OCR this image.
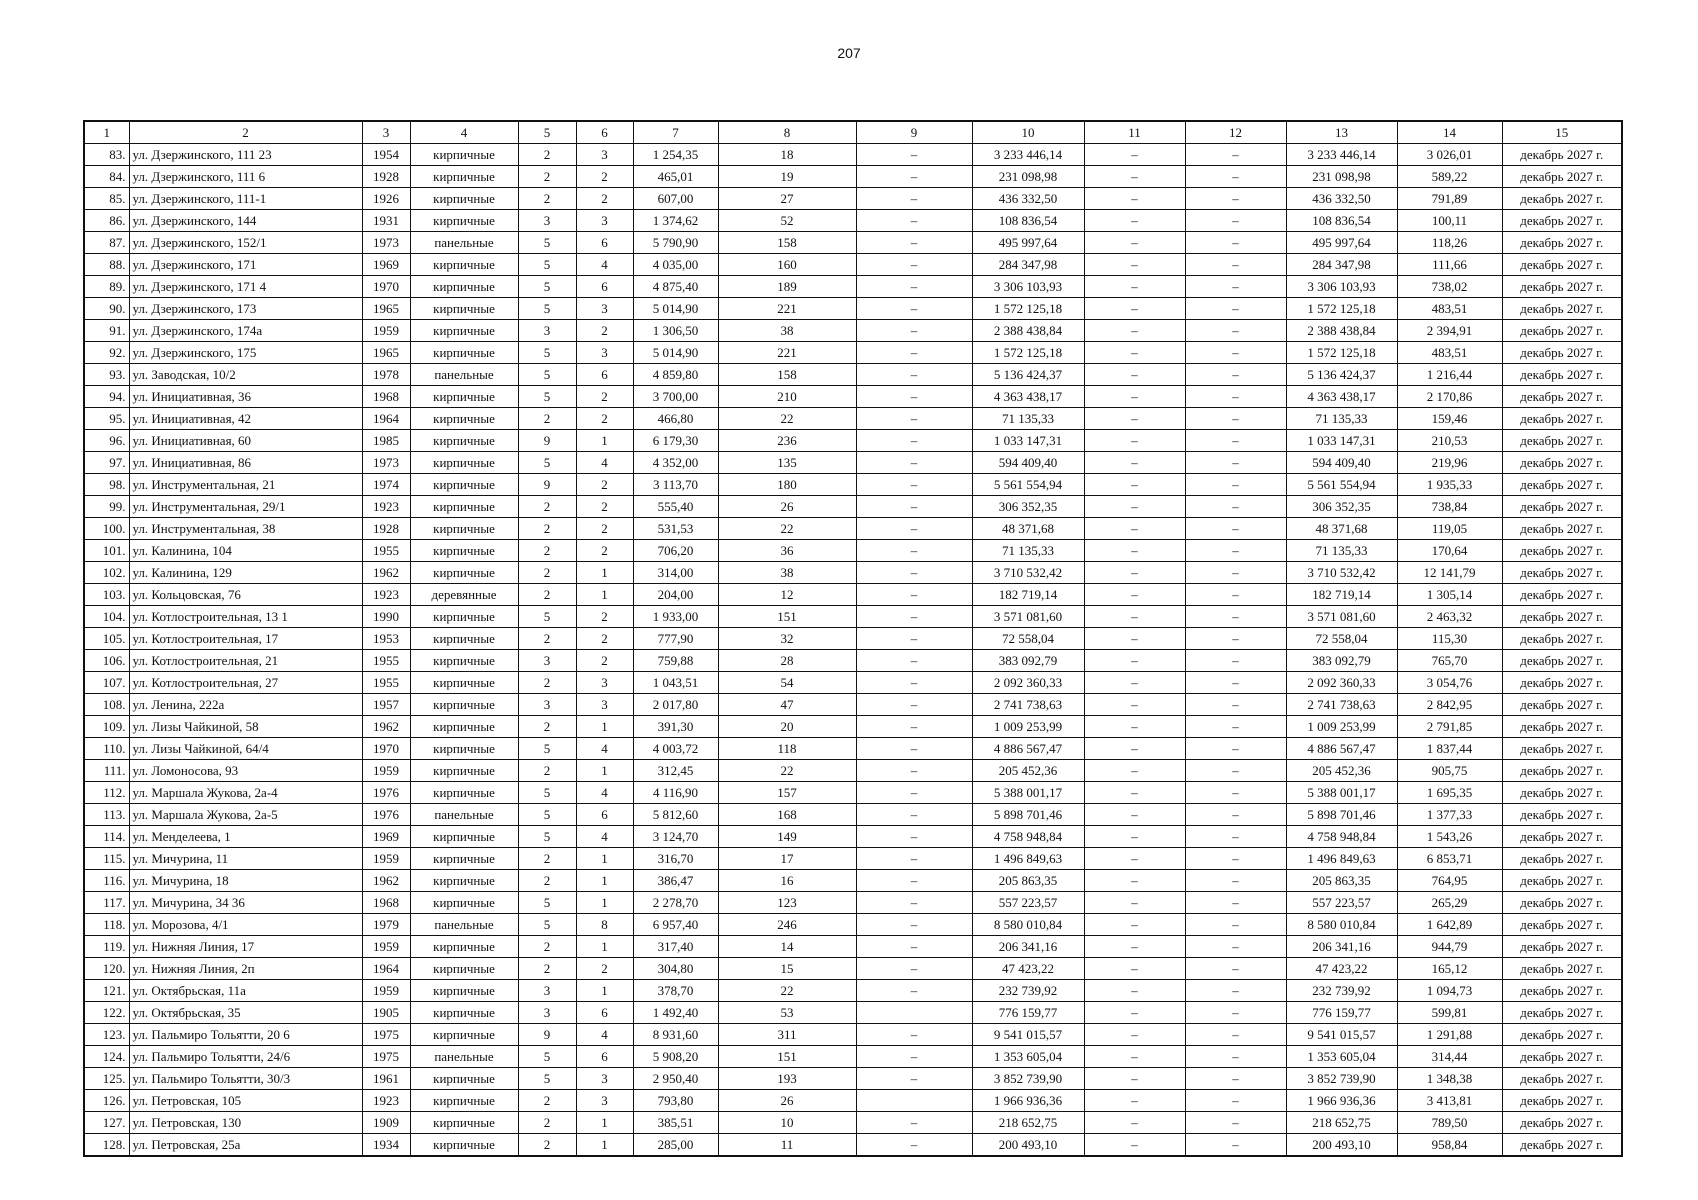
207
1	2	3	4	5	6	7	8	9	10	11	12	13	14	15
83.	ул. Дзержинского, 111 23	1954	кирпичные	2	3	1 254,35	18	–	3 233 446,14	–	–	3 233 446,14	3 026,01	декабрь 2027 г.
84.	ул. Дзержинского, 111 6	1928	кирпичные	2	2	465,01	19	–	231 098,98	–	–	231 098,98	589,22	декабрь 2027 г.
85.	ул. Дзержинского, 111-1	1926	кирпичные	2	2	607,00	27	–	436 332,50	–	–	436 332,50	791,89	декабрь 2027 г.
86.	ул. Дзержинского, 144	1931	кирпичные	3	3	1 374,62	52	–	108 836,54	–	–	108 836,54	100,11	декабрь 2027 г.
87.	ул. Дзержинского, 152/1	1973	панельные	5	6	5 790,90	158	–	495 997,64	–	–	495 997,64	118,26	декабрь 2027 г.
88.	ул. Дзержинского, 171	1969	кирпичные	5	4	4 035,00	160	–	284 347,98	–	–	284 347,98	111,66	декабрь 2027 г.
89.	ул. Дзержинского, 171 4	1970	кирпичные	5	6	4 875,40	189	–	3 306 103,93	–	–	3 306 103,93	738,02	декабрь 2027 г.
90.	ул. Дзержинского, 173	1965	кирпичные	5	3	5 014,90	221	–	1 572 125,18	–	–	1 572 125,18	483,51	декабрь 2027 г.
91.	ул. Дзержинского, 174а	1959	кирпичные	3	2	1 306,50	38	–	2 388 438,84	–	–	2 388 438,84	2 394,91	декабрь 2027 г.
92.	ул. Дзержинского, 175	1965	кирпичные	5	3	5 014,90	221	–	1 572 125,18	–	–	1 572 125,18	483,51	декабрь 2027 г.
93.	ул. Заводская, 10/2	1978	панельные	5	6	4 859,80	158	–	5 136 424,37	–	–	5 136 424,37	1 216,44	декабрь 2027 г.
94.	ул. Инициативная, 36	1968	кирпичные	5	2	3 700,00	210	–	4 363 438,17	–	–	4 363 438,17	2 170,86	декабрь 2027 г.
95.	ул. Инициативная, 42	1964	кирпичные	2	2	466,80	22	–	71 135,33	–	–	71 135,33	159,46	декабрь 2027 г.
96.	ул. Инициативная, 60	1985	кирпичные	9	1	6 179,30	236	–	1 033 147,31	–	–	1 033 147,31	210,53	декабрь 2027 г.
97.	ул. Инициативная, 86	1973	кирпичные	5	4	4 352,00	135	–	594 409,40	–	–	594 409,40	219,96	декабрь 2027 г.
98.	ул. Инструментальная, 21	1974	кирпичные	9	2	3 113,70	180	–	5 561 554,94	–	–	5 561 554,94	1 935,33	декабрь 2027 г.
99.	ул. Инструментальная, 29/1	1923	кирпичные	2	2	555,40	26	–	306 352,35	–	–	306 352,35	738,84	декабрь 2027 г.
100.	ул. Инструментальная, 38	1928	кирпичные	2	2	531,53	22	–	48 371,68	–	–	48 371,68	119,05	декабрь 2027 г.
101.	ул. Калинина, 104	1955	кирпичные	2	2	706,20	36	–	71 135,33	–	–	71 135,33	170,64	декабрь 2027 г.
102.	ул. Калинина, 129	1962	кирпичные	2	1	314,00	38	–	3 710 532,42	–	–	3 710 532,42	12 141,79	декабрь 2027 г.
103.	ул. Кольцовская, 76	1923	деревянные	2	1	204,00	12	–	182 719,14	–	–	182 719,14	1 305,14	декабрь 2027 г.
104.	ул. Котлостроительная, 13 1	1990	кирпичные	5	2	1 933,00	151	–	3 571 081,60	–	–	3 571 081,60	2 463,32	декабрь 2027 г.
105.	ул. Котлостроительная, 17	1953	кирпичные	2	2	777,90	32	–	72 558,04	–	–	72 558,04	115,30	декабрь 2027 г.
106.	ул. Котлостроительная, 21	1955	кирпичные	3	2	759,88	28	–	383 092,79	–	–	383 092,79	765,70	декабрь 2027 г.
107.	ул. Котлостроительная, 27	1955	кирпичные	2	3	1 043,51	54	–	2 092 360,33	–	–	2 092 360,33	3 054,76	декабрь 2027 г.
108.	ул. Ленина, 222а	1957	кирпичные	3	3	2 017,80	47	–	2 741 738,63	–	–	2 741 738,63	2 842,95	декабрь 2027 г.
109.	ул. Лизы Чайкиной, 58	1962	кирпичные	2	1	391,30	20	–	1 009 253,99	–	–	1 009 253,99	2 791,85	декабрь 2027 г.
110.	ул. Лизы Чайкиной, 64/4	1970	кирпичные	5	4	4 003,72	118	–	4 886 567,47	–	–	4 886 567,47	1 837,44	декабрь 2027 г.
111.	ул. Ломоносова, 93	1959	кирпичные	2	1	312,45	22	–	205 452,36	–	–	205 452,36	905,75	декабрь 2027 г.
112.	ул. Маршала Жукова, 2а-4	1976	кирпичные	5	4	4 116,90	157	–	5 388 001,17	–	–	5 388 001,17	1 695,35	декабрь 2027 г.
113.	ул. Маршала Жукова, 2а-5	1976	панельные	5	6	5 812,60	168	–	5 898 701,46	–	–	5 898 701,46	1 377,33	декабрь 2027 г.
114.	ул. Менделеева, 1	1969	кирпичные	5	4	3 124,70	149	–	4 758 948,84	–	–	4 758 948,84	1 543,26	декабрь 2027 г.
115.	ул. Мичурина, 11	1959	кирпичные	2	1	316,70	17	–	1 496 849,63	–	–	1 496 849,63	6 853,71	декабрь 2027 г.
116.	ул. Мичурина, 18	1962	кирпичные	2	1	386,47	16	–	205 863,35	–	–	205 863,35	764,95	декабрь 2027 г.
117.	ул. Мичурина, 34 36	1968	кирпичные	5	1	2 278,70	123	–	557 223,57	–	–	557 223,57	265,29	декабрь 2027 г.
118.	ул. Морозова, 4/1	1979	панельные	5	8	6 957,40	246	–	8 580 010,84	–	–	8 580 010,84	1 642,89	декабрь 2027 г.
119.	ул. Нижняя Линия, 17	1959	кирпичные	2	1	317,40	14	–	206 341,16	–	–	206 341,16	944,79	декабрь 2027 г.
120.	ул. Нижняя Линия, 2п	1964	кирпичные	2	2	304,80	15	–	47 423,22	–	–	47 423,22	165,12	декабрь 2027 г.
121.	ул. Октябрьская, 11а	1959	кирпичные	3	1	378,70	22	–	232 739,92	–	–	232 739,92	1 094,73	декабрь 2027 г.
122.	ул. Октябрьская, 35	1905	кирпичные	3	6	1 492,40	53		776 159,77	–	–	776 159,77	599,81	декабрь 2027 г.
123.	ул. Пальмиро Тольятти, 20 6	1975	кирпичные	9	4	8 931,60	311	–	9 541 015,57	–	–	9 541 015,57	1 291,88	декабрь 2027 г.
124.	ул. Пальмиро Тольятти, 24/6	1975	панельные	5	6	5 908,20	151	–	1 353 605,04	–	–	1 353 605,04	314,44	декабрь 2027 г.
125.	ул. Пальмиро Тольятти, 30/3	1961	кирпичные	5	3	2 950,40	193	–	3 852 739,90	–	–	3 852 739,90	1 348,38	декабрь 2027 г.
126.	ул. Петровская, 105	1923	кирпичные	2	3	793,80	26		1 966 936,36	–	–	1 966 936,36	3 413,81	декабрь 2027 г.
127.	ул. Петровская, 130	1909	кирпичные	2	1	385,51	10	–	218 652,75	–	–	218 652,75	789,50	декабрь 2027 г.
128.	ул. Петровская, 25а	1934	кирпичные	2	1	285,00	11	–	200 493,10	–	–	200 493,10	958,84	декабрь 2027 г.
